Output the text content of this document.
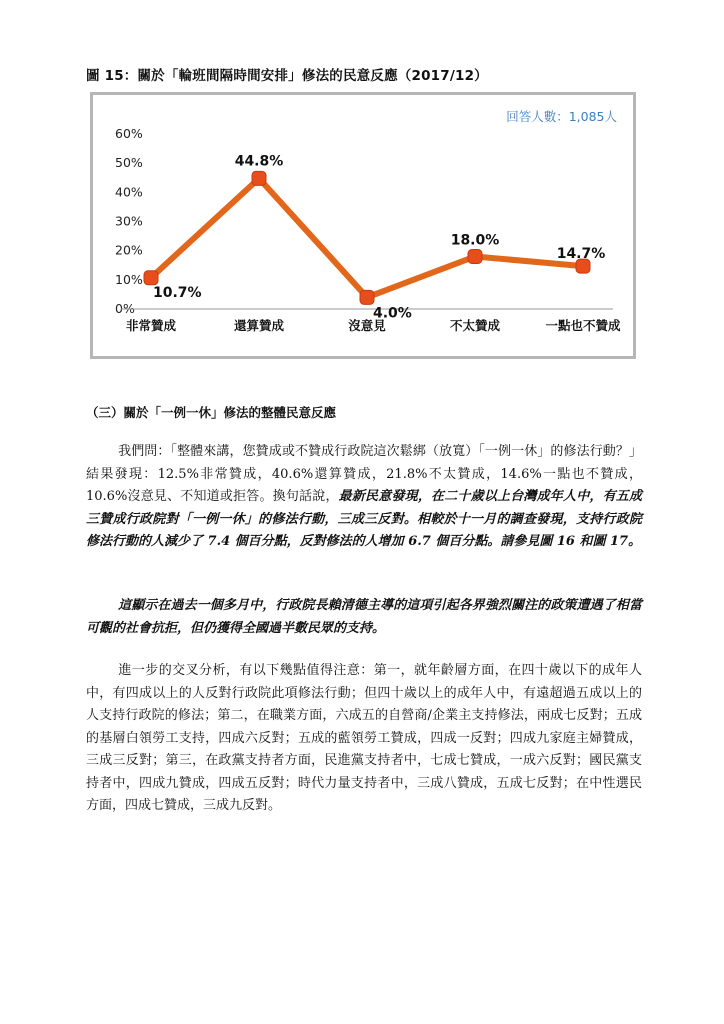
圖 15：關於「輪班間隔時間安排」修法的民意反應（2017/12）
回答人數：1,085人
0%
10%
20%
30%
40%
50%
60%
非常贊成	還算贊成	沒意見	不太贊成	一點也不贊成
10.7%
44.8%
4.0%
18.0%
14.7%
（三）關於「一例一休」修法的整體民意反應

我們問：「整體來講，您贊成或不贊成行政院這次鬆綁（放寬）「一例一休」的修法行動？」結果發現：12.5%非常贊成，40.6%還算贊成，21.8%不太贊成，14.6%一點也不贊成，10.6%沒意見、不知道或拒答。換句話說，最新民意發現，在二十歲以上台灣成年人中，有五成三贊成行政院對「一例一休」的修法行動，三成三反對。相較於十一月的調查發現，支持行政院修法行動的人減少了 7.4 個百分點，反對修法的人增加 6.7 個百分點。請參見圖 16 和圖 17。

這顯示在過去一個多月中，行政院長賴清德主導的這項引起各界強烈關注的政策遭遇了相當可觀的社會抗拒，但仍獲得全國過半數民眾的支持。

進一步的交叉分析，有以下幾點值得注意：第一，就年齡層方面，在四十歲以下的成年人中，有四成以上的人反對行政院此項修法行動；但四十歲以上的成年人中，有遠超過五成以上的人支持行政院的修法；第二，在職業方面，六成五的自營商/企業主支持修法，兩成七反對；五成的基層白領勞工支持，四成六反對；五成的藍領勞工贊成，四成一反對；四成九家庭主婦贊成，三成三反對；第三，在政黨支持者方面，民進黨支持者中，七成七贊成，一成六反對；國民黨支持者中，四成九贊成，四成五反對；時代力量支持者中，三成八贊成，五成七反對；在中性選民方面，四成七贊成，三成九反對。
